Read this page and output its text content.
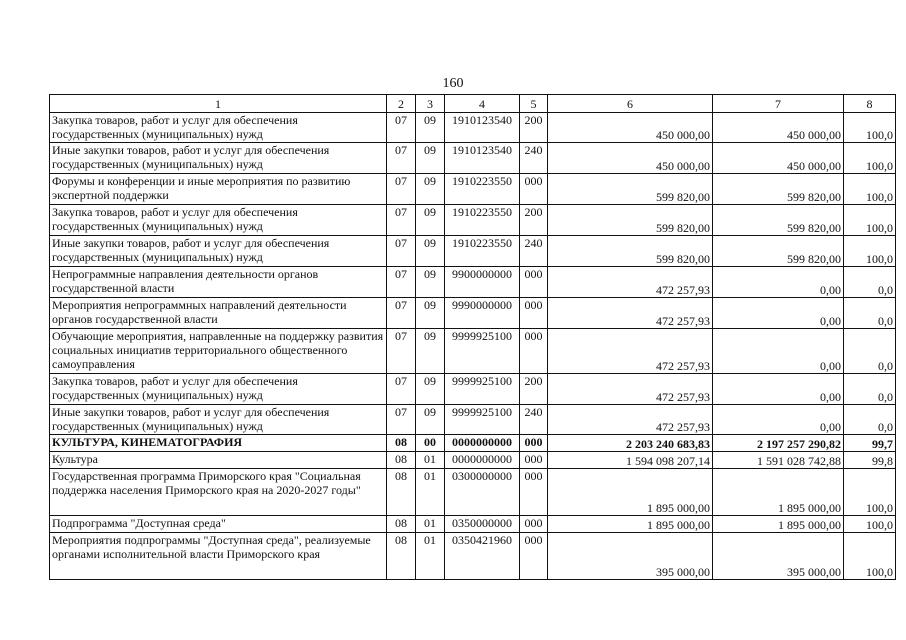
160
1	2	3	4	5	6	7	8
Закупка товаров, работ и услуг для обеспечения государственных (муниципальных) нужд	07	09	1910123540	200	450 000,00	450 000,00	100,0
Иные закупки товаров, работ и услуг для обеспечения государственных (муниципальных) нужд	07	09	1910123540	240	450 000,00	450 000,00	100,0
Форумы и конференции и иные мероприятия по развитию экспертной поддержки	07	09	1910223550	000	599 820,00	599 820,00	100,0
Закупка товаров, работ и услуг для обеспечения государственных (муниципальных) нужд	07	09	1910223550	200	599 820,00	599 820,00	100,0
Иные закупки товаров, работ и услуг для обеспечения государственных (муниципальных) нужд	07	09	1910223550	240	599 820,00	599 820,00	100,0
Непрограммные направления деятельности органов государственной власти	07	09	9900000000	000	472 257,93	0,00	0,0
Мероприятия непрограммных направлений деятельности органов государственной власти	07	09	9990000000	000	472 257,93	0,00	0,0
Обучающие мероприятия, направленные на поддержку развития социальных инициатив территориального общественного самоуправления	07	09	9999925100	000	472 257,93	0,00	0,0
Закупка товаров, работ и услуг для обеспечения государственных (муниципальных) нужд	07	09	9999925100	200	472 257,93	0,00	0,0
Иные закупки товаров, работ и услуг для обеспечения государственных (муниципальных) нужд	07	09	9999925100	240	472 257,93	0,00	0,0
КУЛЬТУРА, КИНЕМАТОГРАФИЯ	08	00	0000000000	000	2 203 240 683,83	2 197 257 290,82	99,7
Культура	08	01	0000000000	000	1 594 098 207,14	1 591 028 742,88	99,8
Государственная программа Приморского края "Социальная поддержка населения Приморского края на 2020-2027 годы"	08	01	0300000000	000	1 895 000,00	1 895 000,00	100,0
Подпрограмма "Доступная среда"	08	01	0350000000	000	1 895 000,00	1 895 000,00	100,0
Мероприятия подпрограммы "Доступная среда", реализуемые органами исполнительной власти Приморского края	08	01	0350421960	000	395 000,00	395 000,00	100,0
